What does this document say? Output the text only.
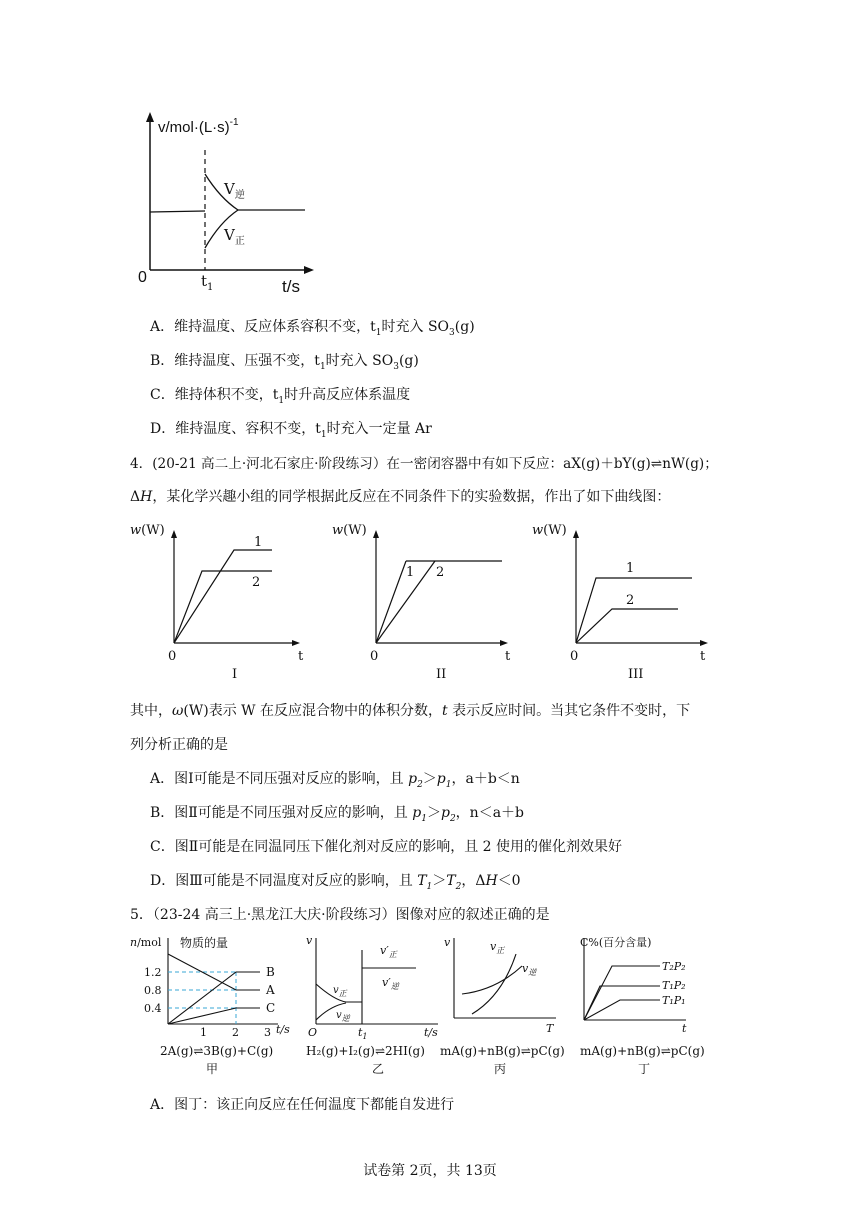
$v/mol\cdot(L\cdot s)^{-1}$
$V_逆$
$V_正$
0	$t_1$	t/s
A．维持温度、反应体系容积不变，$t_1$时充入 $SO_3(g)$
B．维持温度、压强不变，$t_1$时充入 $SO_3(g)$
C．维持体积不变，$t_1$时升高反应体系温度
D．维持温度、容积不变，$t_1$时充入一定量 Ar
4．(20-21 高二上·河北石家庄·阶段练习）在一密闭容器中有如下反应：aX(g)＋bY(g)⇌nW(g)；
ΔH，某化学兴趣小组的同学根据此反应在不同条件下的实验数据，作出了如下曲线图：
w(W)
1
2
0	t
I
w(W)
1 2
0	t
II
w(W)
1
2
0	t
III
其中，ω(W)表示 W 在反应混合物中的体积分数，t 表示反应时间。当其它条件不变时，下
列分析正确的是
A．图Ⅰ可能是不同压强对反应的影响，且 $p_2>p_1$，a＋b＜n
B．图Ⅱ可能是不同压强对反应的影响，且 $p_1>p_2$，n＜a＋b
C．图Ⅱ可能是在同温同压下催化剂对反应的影响，且 2 使用的催化剂效果好
D．图Ⅲ可能是不同温度对反应的影响，且 $T_1>T_2$，ΔH＜0
5．（23-24 高三上·黑龙江大庆·阶段练习）图像对应的叙述正确的是
n/mol 物质的量
1.2
0.8
0.4
1 2 3 t/s
B
A
C
2A(g)⇌3B(g)+C(g)
甲
v
$v'_正$
$v'_逆$
$v_正$
$v_逆$
O	$t_1$	t/s
H₂(g)+I₂(g)⇌2HI(g)
乙
v	$v_正$
$v_逆$
T
mA(g)+nB(g)⇌pC(g)
丙
C%(百分含量)
T₂P₂
T₁P₂
T₁P₁
t
mA(g)+nB(g)⇌pC(g)
丁
A．图丁：该正向反应在任何温度下都能自发进行
试卷第 2页，共 13页
